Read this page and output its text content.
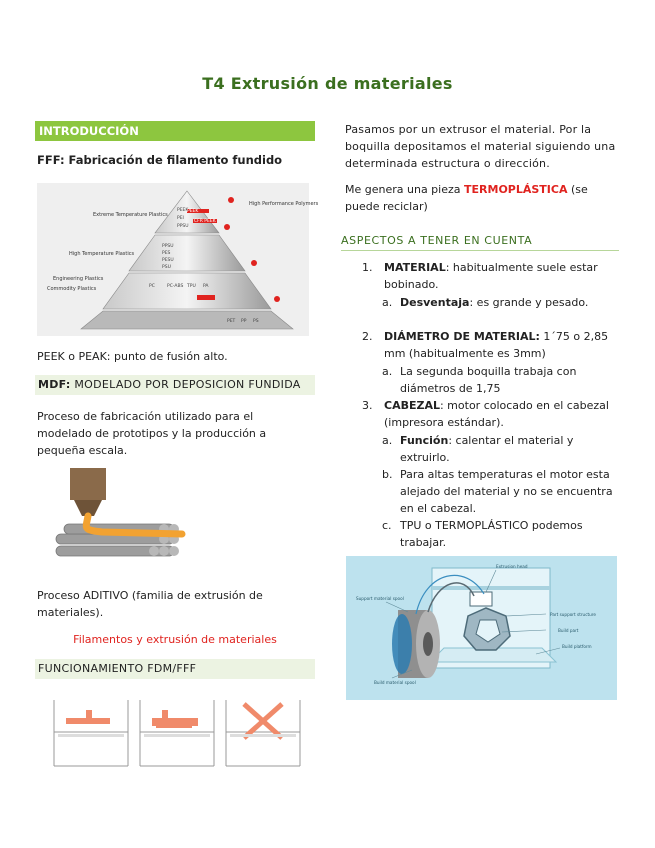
T4 Extrusión de materiales
INTRODUCCIÓN
FFF: Fabricación de filamento fundido
PEEK
PEI
PPSU
PEEK
CFR PEEK
PPSU
PES
PESU
PSU
PC	PC-ABS TPU PA
PET PP PS
Extreme Temperature Plastics
High Temperature Plastics
Engineering Plastics
Commodity Plastics
High Performance Polymers
PEEK o PEAK: punto de fusión alto.
MDF: MODELADO POR DEPOSICION FUNDIDA
Proceso de fabricación utilizado para el modelado de prototipos y la producción a pequeña escala.
Proceso ADITIVO (familia de extrusión de materiales).
Filamentos y extrusión de materiales
FUNCIONAMIENTO FDM/FFF
Pasamos por un extrusor el material. Por la boquilla depositamos el material siguiendo una determinada estructura o dirección.
Me genera una pieza TERMOPLÁSTICA (se puede reciclar)
ASPECTOS A TENER EN CUENTA
1. MATERIAL: habitualmente suele estar bobinado.
a. Desventaja: es grande y pesado.
2. DIÁMETRO DE MATERIAL: 1´75 o 2,85 mm (habitualmente es 3mm)
a. La segunda boquilla trabaja con diámetros de 1,75
3. CABEZAL: motor colocado en el cabezal (impresora estándar).
a. Función: calentar el material y extruirlo.
b. Para altas temperaturas el motor esta alejado del material y no se encuentra en el cabezal.
c. TPU o TERMOPLÁSTICO podemos trabajar.
Extrusion head
Support material spool
Part support structure
Build part
Build platform
Build material spool
